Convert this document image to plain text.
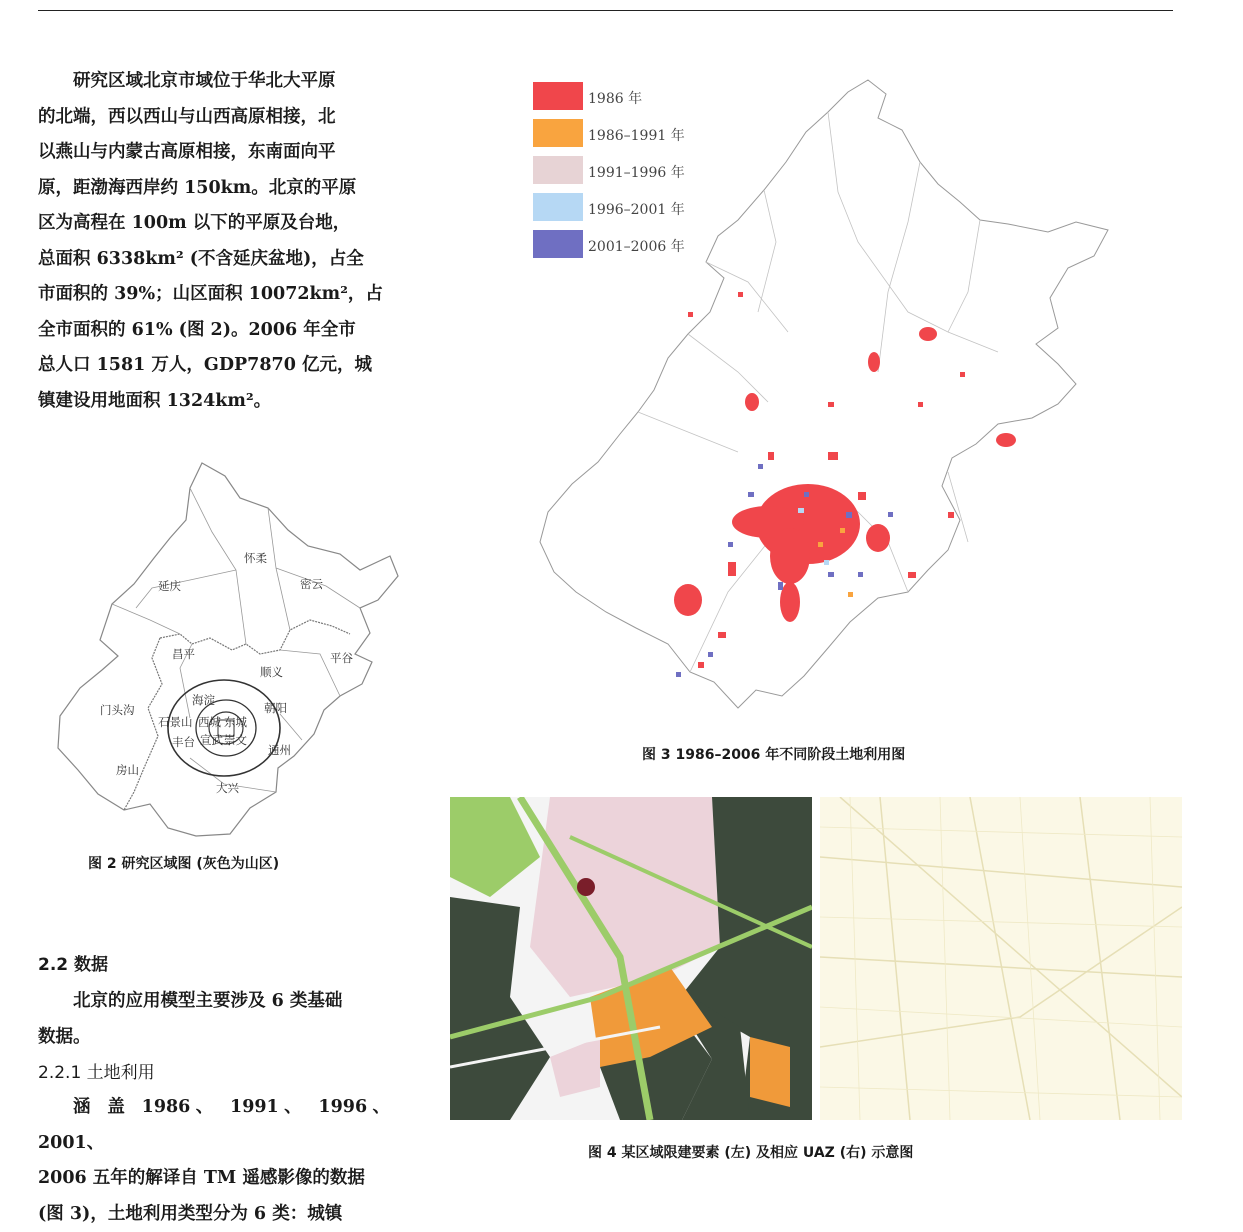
研究区域北京市域位于华北大平原

的北端，西以西山与山西高原相接，北

以燕山与内蒙古高原相接，东南面向平

原，距渤海西岸约 150km。北京的平原

区为高程在 100m 以下的平原及台地，

总面积 6338km² (不含延庆盆地)，占全

市面积的 39%；山区面积 10072km²，占

全市面积的 61% (图 2)。2006 年全市

总人口 1581 万人，GDP7870 亿元，城

镇建设用地面积 1324km²。

怀柔
延庆	密云
昌平	平谷
顺义
门头沟
海淀
朝阳
石景山 西城 东城
丰台 宣武 崇文
通州
房山
大兴
图 2 研究区域图 (灰色为山区)
2.2 数据

北京的应用模型主要涉及 6 类基础

数据。

2.2.1 土地利用

涵 盖 1986、 1991、 1996、 2001、

2006 五年的解译自 TM 遥感影像的数据

(图 3)，土地利用类型分为 6 类：城镇

1986 年
1986–1991 年
1991–1996 年
1996–2001 年
2001–2006 年
图 3 1986–2006 年不同阶段土地利用图
图 4 某区域限建要素 (左) 及相应 UAZ (右) 示意图
